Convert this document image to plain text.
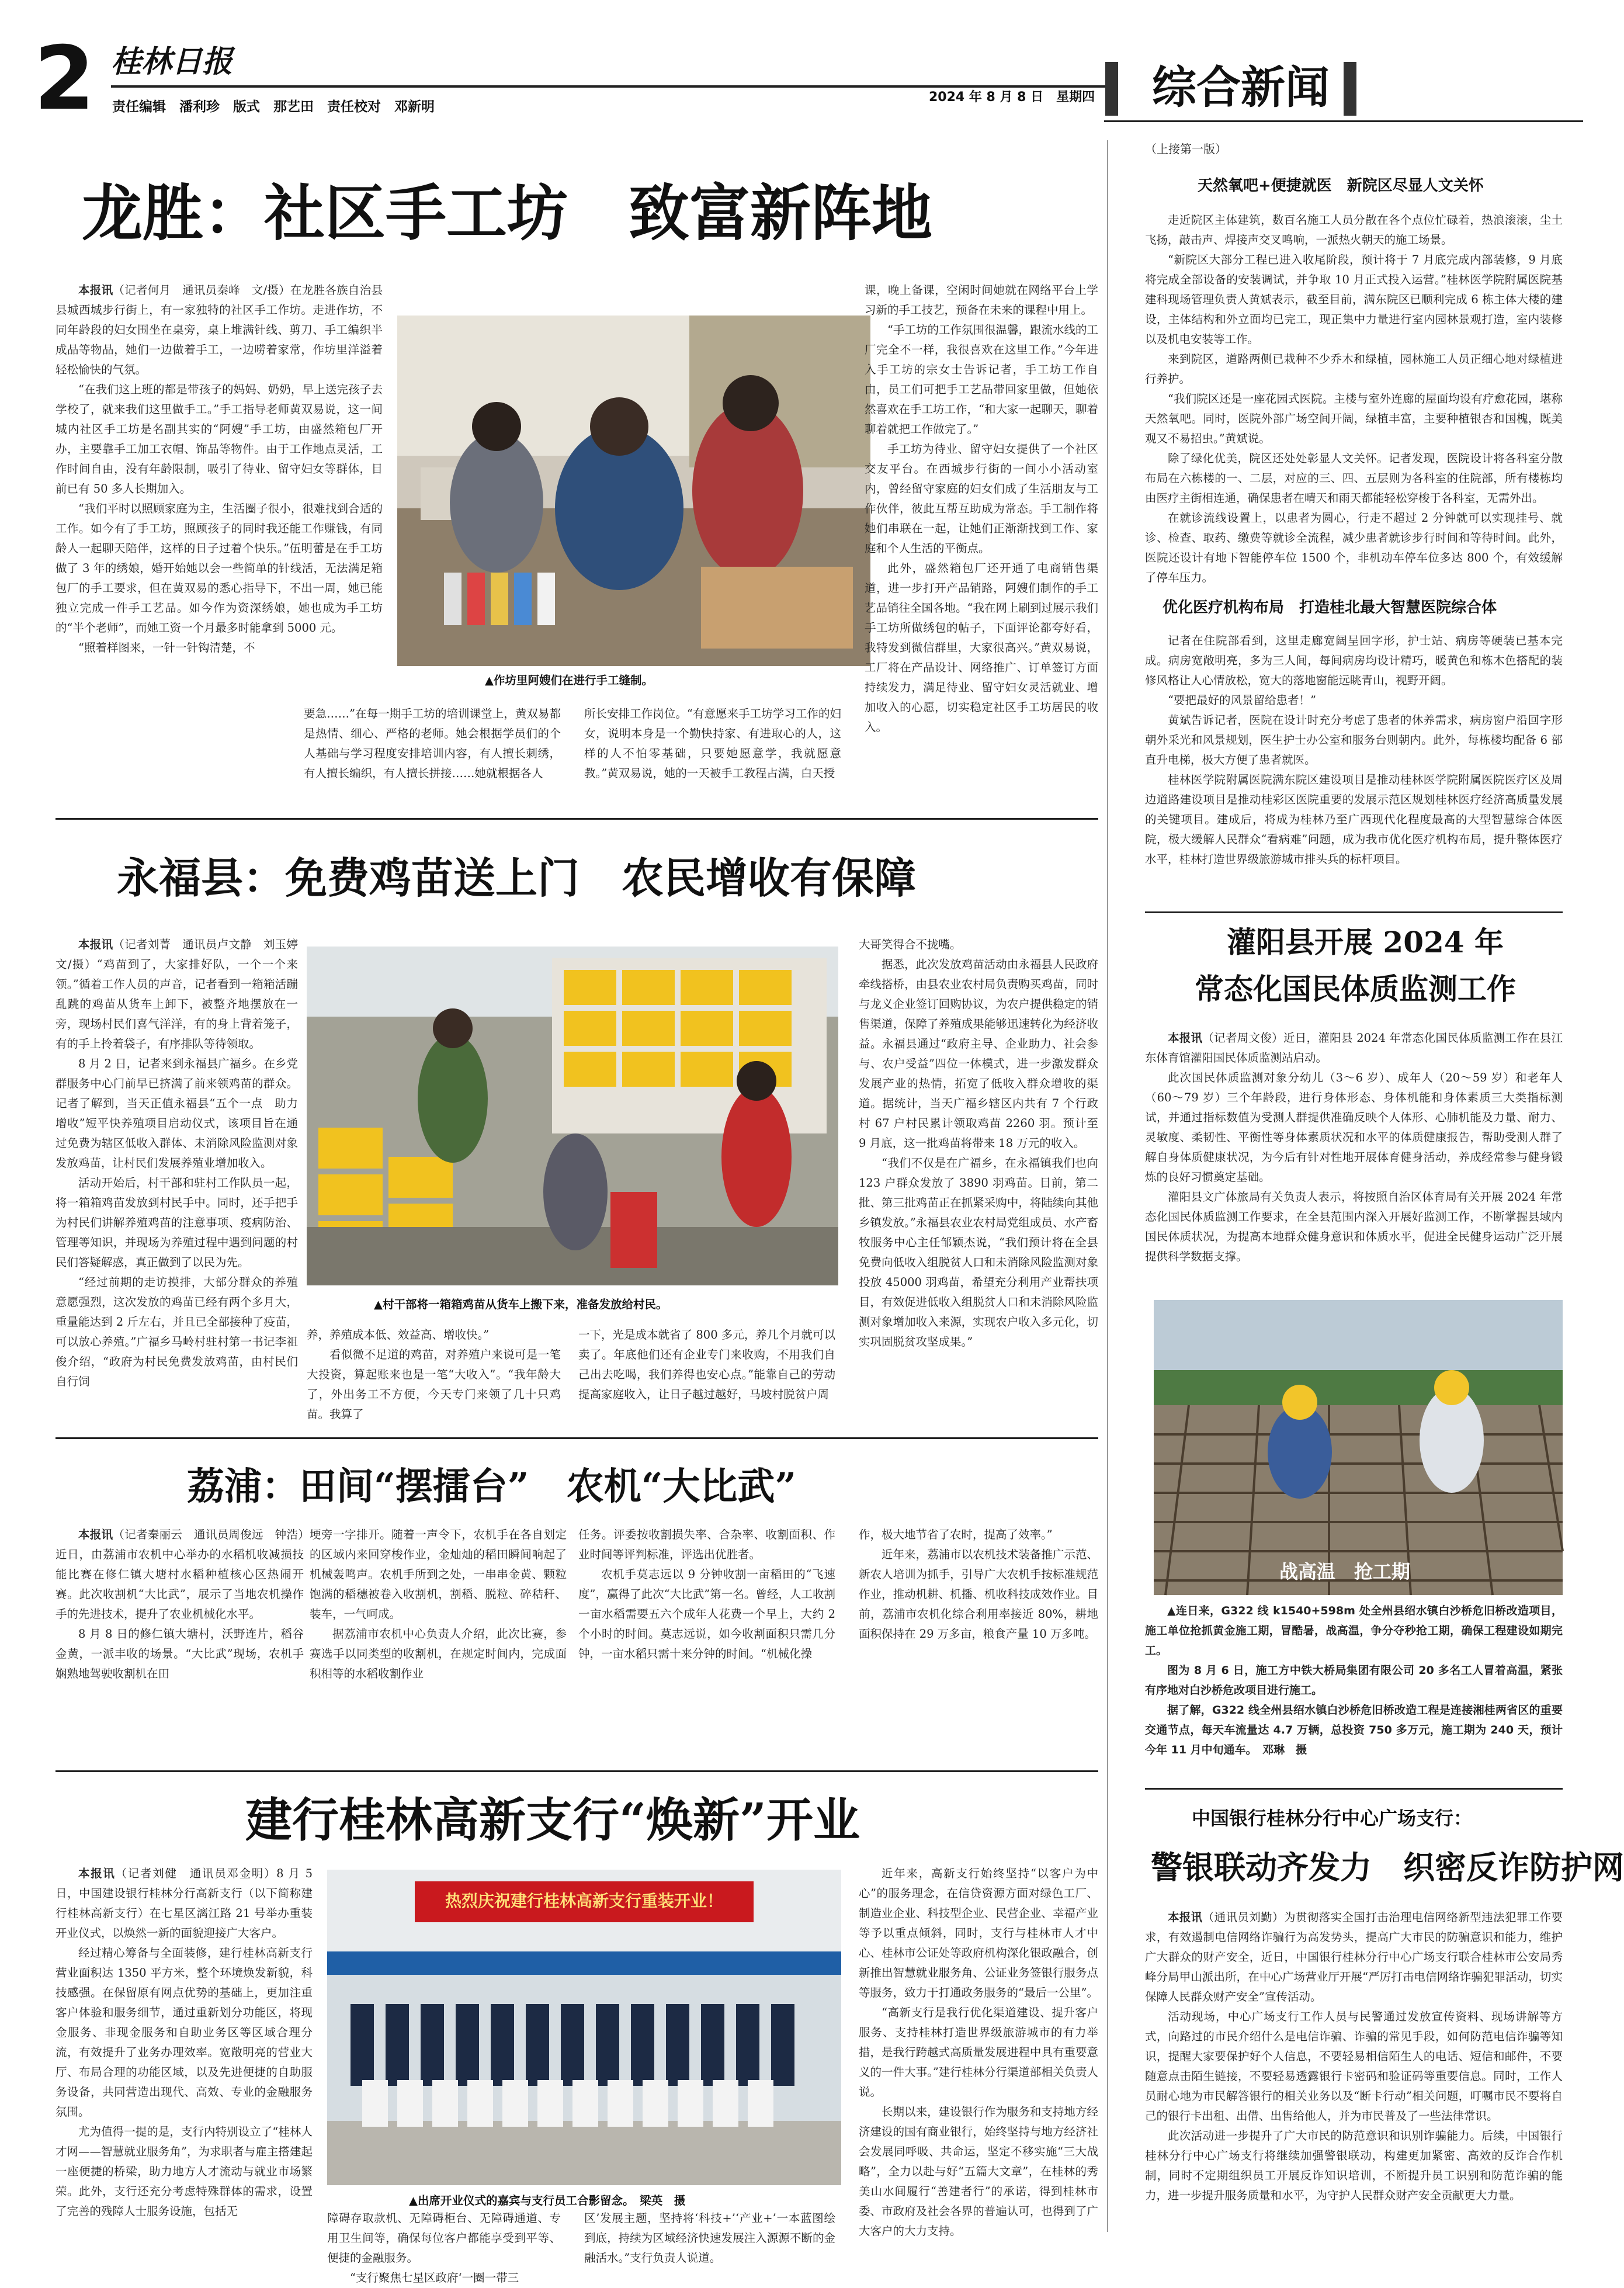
2 桂林日报
责任编辑　潘利珍　版式　那艺田　责任校对　邓新明
2024 年 8 月 8 日　星期四 综合新闻
龙胜：社区手工坊　致富新阵地
▲作坊里阿嫂们在进行手工缝制。

本报讯（记者何月　通讯员秦峰　文/摄）在龙胜各族自治县县城西城步行街上，有一家独特的社区手工作坊。走进作坊，不同年龄段的妇女围坐在桌旁，桌上堆满针线、剪刀、手工编织半成品等物品，她们一边做着手工，一边唠着家常，作坊里洋溢着轻松愉快的气氛。

“在我们这上班的都是带孩子的妈妈、奶奶，早上送完孩子去学校了，就来我们这里做手工。”手工指导老师黄双易说，这一间城内社区手工坊是名副其实的“阿嫂”手工坊，由盛然箱包厂开办，主要靠手工加工衣帽、饰品等物件。由于工作地点灵活，工作时间自由，没有年龄限制，吸引了待业、留守妇女等群体，目前已有 50 多人长期加入。

“我们平时以照顾家庭为主，生活圈子很小，很难找到合适的工作。如今有了手工坊，照顾孩子的同时我还能工作赚钱，有同龄人一起聊天陪伴，这样的日子过着个快乐。”伍明蕾是在手工坊做了 3 年的绣娘，婚开始她以会一些简单的针线活，无法满足箱包厂的手工要求，但在黄双易的悉心指导下，不出一周，她已能独立完成一件手工艺品。如今作为资深绣娘，她也成为手工坊的“半个老师”，而她工资一个月最多时能拿到 5000 元。

“照着样图来，一针一针钩清楚，不

要急……”在每一期手工坊的培训课堂上，黄双易都是热情、细心、严格的老师。她会根据学员们的个人基础与学习程度安排培训内容，有人擅长刺绣，有人擅长编织，有人擅长拼接……她就根据各人

所长安排工作岗位。“有意愿来手工坊学习工作的妇女，说明本身是一个勤快持家、有进取心的人，这样的人不怕零基础，只要她愿意学，我就愿意教。”黄双易说，她的一天被手工教程占满，白天授

课，晚上备课，空闲时间她就在网络平台上学习新的手工技艺，预备在未来的课程中用上。

“手工坊的工作氛围很温馨，跟流水线的工厂完全不一样，我很喜欢在这里工作。”今年进入手工坊的宗女士告诉记者，手工坊工作自由，员工们可把手工艺品带回家里做，但她依然喜欢在手工坊工作，“和大家一起聊天，聊着聊着就把工作做完了。”

手工坊为待业、留守妇女提供了一个社区交友平台。在西城步行街的一间小小活动室内，曾经留守家庭的妇女们成了生活朋友与工作伙伴，彼此互帮互助成为常态。手工制作将她们串联在一起，让她们正渐渐找到工作、家庭和个人生活的平衡点。

此外，盛然箱包厂还开通了电商销售渠道，进一步打开产品销路，阿嫂们制作的手工艺品销往全国各地。“我在网上刷到过展示我们手工坊所做绣包的帖子，下面评论都夸好看，我特发到微信群里，大家很高兴。”黄双易说，工厂将在产品设计、网络推广、订单签订方面持续发力，满足待业、留守妇女灵活就业、增加收入的心愿，切实稳定社区手工坊居民的收入。

永福县：免费鸡苗送上门　农民增收有保障
▲村干部将一箱箱鸡苗从货车上搬下来，准备发放给村民。

本报讯（记者刘菁　通讯员卢文静　刘玉婷　文/摄）“鸡苗到了，大家排好队，一个一个来领。”循着工作人员的声音，记者看到一箱箱活蹦乱跳的鸡苗从货车上卸下，被整齐地摆放在一旁，现场村民们喜气洋洋，有的身上背着笼子，有的手上拎着袋子，有序排队等待领取。

8 月 2 日，记者来到永福县广福乡。在乡党群服务中心门前早已挤满了前来领鸡苗的群众。记者了解到，当天正值永福县“五个一点　助力增收”短平快养殖项目启动仪式，该项目旨在通过免费为辖区低收入群体、未消除风险监测对象发放鸡苗，让村民们发展养殖业增加收入。

活动开始后，村干部和驻村工作队员一起，将一箱箱鸡苗发放到村民手中。同时，还手把手为村民们讲解养殖鸡苗的注意事项、疫病防治、管理等知识，并现场为养殖过程中遇到问题的村民们答疑解惑，真正做到了以民为先。

“经过前期的走访摸排，大部分群众的养殖意愿强烈，这次发放的鸡苗已经有两个多月大，重量能达到 2 斤左右，并且已全部接种了疫苗，可以放心养殖。”广福乡马岭村驻村第一书记李祖俊介绍，“政府为村民免费发放鸡苗，由村民们自行饲

养，养殖成本低、效益高、增收快。”

看似微不足道的鸡苗，对养殖户来说可是一笔大投资，算起账来也是一笔“大收入”。“我年龄大了，外出务工不方便，今天专门来领了几十只鸡苗。我算了

一下，光是成本就省了 800 多元，养几个月就可以卖了。年底他们还有企业专门来收购，不用我们自己出去吃喝，我们养得也安心点。”能靠自己的劳动提高家庭收入，让日子越过越好，马坡村脱贫户周

大哥笑得合不拢嘴。

据悉，此次发放鸡苗活动由永福县人民政府牵线搭桥，由县农业农村局负责购买鸡苗，同时与龙义企业签订回购协议，为农户提供稳定的销售渠道，保障了养殖成果能够迅速转化为经济收益。永福县通过“政府主导、企业助力、社会参与、农户受益”四位一体模式，进一步激发群众发展产业的热情，拓宽了低收入群众增收的渠道。据统计，当天广福乡辖区内共有 7 个行政村 67 户村民累计领取鸡苗 2260 羽。预计至 9 月底，这一批鸡苗将带来 18 万元的收入。

“我们不仅是在广福乡，在永福镇我们也向 123 户群众发放了 3890 羽鸡苗。目前，第二批、第三批鸡苗正在抓紧采购中，将陆续向其他乡镇发放。”永福县农业农村局党组成员、水产畜牧服务中心主任邹颖杰说，“我们预计将在全县免费向低收入组脱贫人口和未消除风险监测对象投放 45000 羽鸡苗，希望充分利用产业帮扶项目，有效促进低收入组脱贫人口和未消除风险监测对象增加收入来源，实现农户收入多元化，切实巩固脱贫攻坚成果。”

荔浦：田间“摆擂台”　农机“大比武”

本报讯（记者秦丽云　通讯员周俊远　钟浩）近日，由荔浦市农机中心举办的水稻机收减损技能比赛在修仁镇大塘村水稻种植核心区热闹开赛。此次收割机“大比武”，展示了当地农机操作手的先进技术，提升了农业机械化水平。

8 月 8 日的修仁镇大塘村，沃野连片，稻谷金黄，一派丰收的场景。“大比武”现场，农机手娴熟地驾驶收割机在田

埂旁一字排开。随着一声令下，农机手在各自划定的区域内来回穿梭作业，金灿灿的稻田瞬间响起了机械轰鸣声。农机手所到之处，一串串金黄、颗粒饱满的稻穗被卷入收割机，割稻、脱粒、碎秸秆、装车，一气呵成。

据荔浦市农机中心负责人介绍，此次比赛，参赛选手以同类型的收割机，在规定时间内，完成面积相等的水稻收割作业

任务。评委按收割损失率、合杂率、收割面积、作业时间等评判标准，评选出优胜者。

农机手莫志远以 9 分钟收割一亩稻田的“飞速度”，赢得了此次“大比武”第一名。曾经，人工收割一亩水稻需要五六个成年人花费一个早上，大约 2 个小时的时间。莫志远说，如今收割面积只需几分钟，一亩水稻只需十来分钟的时间。“机械化操

作，极大地节省了农时，提高了效率。”

近年来，荔浦市以农机技术装备推广示范、新农人培训为抓手，引导广大农机手按标准规范作业，推动机耕、机播、机收科技成效作业。目前，荔浦市农机化综合利用率接近 80%，耕地面积保持在 29 万多亩，粮食产量 10 万多吨。

建行桂林高新支行“焕新”开业
热烈庆祝建行桂林高新支行重装开业！
▲出席开业仪式的嘉宾与支行员工合影留念。　梁英　摄

本报讯（记者刘健　通讯员邓金明）8 月 5 日，中国建设银行桂林分行高新支行（以下简称建行桂林高新支行）在七星区漓江路 21 号举办重装开业仪式，以焕然一新的面貌迎接广大客户。

经过精心筹备与全面装修，建行桂林高新支行营业面积达 1350 平方米，整个环境焕发新貌，科技感强。在保留原有网点优势的基础上，更加注重客户体验和服务细节，通过重新划分功能区，将现金服务、非现金服务和自助业务区等区域合理分流，有效提升了业务办理效率。宽敞明亮的营业大厅、布局合理的功能区域，以及先进便捷的自助服务设备，共同营造出现代、高效、专业的金融服务氛围。

尤为值得一提的是，支行内特别设立了“桂林人才网——智慧就业服务角”，为求职者与雇主搭建起一座便捷的桥梁，助力地方人才流动与就业市场繁荣。此外，支行还充分考虑特殊群体的需求，设置了完善的残障人士服务设施，包括无

障碍存取款机、无障碍柜台、无障碍通道、专用卫生间等，确保每位客户都能享受到平等、便捷的金融服务。

“支行聚焦七星区政府‘一圈一带三

区’发展主题，坚持将‘科技+’‘产业+’一本蓝图绘到底，持续为区域经济快速发展注入源源不断的金融活水。”支行负责人说道。

近年来，高新支行始终坚持“以客户为中心”的服务理念，在信贷资源方面对绿色工厂、制造业企业、科技型企业、民营企业、幸福产业等予以重点倾斜，同时，支行与桂林市人才中心、桂林市公证处等政府机构深化银政融合，创新推出智慧就业服务角、公证业务签银行服务点等服务，致力于打通政务服务的“最后一公里”。

“高新支行是我行优化渠道建设、提升客户服务、支持桂林打造世界级旅游城市的有力举措，是我行跨越式高质量发展进程中具有重要意义的一件大事。”建行桂林分行渠道部相关负责人说。

长期以来，建设银行作为服务和支持地方经济建设的国有商业银行，始终坚持与地方经济社会发展同呼吸、共命运，坚定不移实施“三大战略”，全力以赴与好“五篇大文章”，在桂林的秀美山水间履行“善建者行”的承诺，得到桂林市委、市政府及社会各界的普遍认可，也得到了广大客户的大力支持。

（上接第一版）
天然氧吧+便捷就医　新院区尽显人文关怀

走近院区主体建筑，数百名施工人员分散在各个点位忙碌着，热浪滚滚，尘土飞扬，敲击声、焊接声交叉鸣响，一派热火朝天的施工场景。

“新院区大部分工程已进入收尾阶段，预计将于 7 月底完成内部装修，9 月底将完成全部设备的安装调试，并争取 10 月正式投入运营。”桂林医学院附属医院基建科现场管理负责人黄斌表示，截至目前，满东院区已顺利完成 6 栋主体大楼的建设，主体结构和外立面均已完工，现正集中力量进行室内园林景观打造，室内装修以及机电安装等工作。

来到院区，道路两侧已栽种不少乔木和绿植，园林施工人员正细心地对绿植进行养护。

“我们院区还是一座花园式医院。主楼与室外连廊的屋面均设有疗愈花园，堪称天然氧吧。同时，医院外部广场空间开阔，绿植丰富，主要种植银杏和国槐，既美观又不易招虫。”黄斌说。

除了绿化优美，院区还处处彰显人文关怀。记者发现，医院设计将各科室分散布局在六栋楼的一、二层，对应的三、四、五层则为各科室的住院部，所有楼栋均由医疗主街相连通，确保患者在晴天和雨天都能轻松穿梭于各科室，无需外出。

在就诊流线设置上，以患者为圆心，行走不超过 2 分钟就可以实现挂号、就诊、检查、取药、缴费等就诊全流程，减少患者就诊步行时间和等待时间。此外，医院还设计有地下智能停车位 1500 个，非机动车停车位多达 800 个，有效缓解了停车压力。

优化医疗机构布局　打造桂北最大智慧医院综合体

记者在住院部看到，这里走廊宽阔呈回字形，护士站、病房等硬装已基本完成。病房宽敞明亮，多为三人间，每间病房均设计精巧，暖黄色和栋木色搭配的装修风格让人心情放松，宽大的落地窗能远眺青山，视野开阔。

“要把最好的风景留给患者！”

黄斌告诉记者，医院在设计时充分考虑了患者的休养需求，病房窗户沿回字形朝外采光和风景规划，医生护士办公室和服务台则朝内。此外，每栋楼均配备 6 部直升电梯，极大方便了患者就医。

桂林医学院附属医院满东院区建设项目是推动桂林医学院附属医院医疗区及周边道路建设项目是推动桂彩区医院重要的发展示范区规划桂林医疗经济高质量发展的关键项目。建成后，将成为桂林乃至广西现代化程度最高的大型智慧综合体医院，极大缓解人民群众“看病难”问题，成为我市优化医疗机构布局，提升整体医疗水平，桂林打造世界级旅游城市排头兵的标杆项目。

灌阳县开展 2024 年
常态化国民体质监测工作

本报讯（记者周文俊）近日，灌阳县 2024 年常态化国民体质监测工作在县江东体育馆灌阳国民体质监测站启动。

此次国民体质监测对象分幼儿（3～6 岁）、成年人（20～59 岁）和老年人（60～79 岁）三个年龄段，进行身体形态、身体机能和身体素质三大类指标测试，并通过指标数值为受测人群提供准确反映个人体形、心肺机能及力量、耐力、灵敏度、柔韧性、平衡性等身体素质状况和水平的体质健康报告，帮助受测人群了解自身体质健康状况，为今后有针对性地开展体育健身活动，养成经常参与健身锻炼的良好习惯奠定基础。

灌阳县文广体旅局有关负责人表示，将按照自治区体育局有关开展 2024 年常态化国民体质监测工作要求，在全县范围内深入开展好监测工作，不断掌握县域内国民体质状况，为提高本地群众健身意识和体质水平，促进全民健身运动广泛开展提供科学数据支撑。

战高温　抢工期

▲连日来，G322 线 k1540+598m 处全州县绍水镇白沙桥危旧桥改造项目，施工单位抢抓黄金施工期，冒酷暑，战高温，争分夺秒抢工期，确保工程建设如期完工。

图为 8 月 6 日，施工方中铁大桥局集团有限公司 20 多名工人冒着高温，紧张有序地对白沙桥危改项目进行施工。

据了解，G322 线全州县绍水镇白沙桥危旧桥改造工程是连接湘桂两省区的重要交通节点，每天车流量达 4.7 万辆，总投资 750 多万元，施工期为 240 天，预计今年 11 月中旬通车。　邓琳　摄

中国银行桂林分行中心广场支行：
警银联动齐发力　织密反诈防护网

本报讯（通讯员刘勤）为贯彻落实全国打击治理电信网络新型违法犯罪工作要求，有效遏制电信网络诈骗行为高发势头，提高广大市民的防骗意识和能力，维护广大群众的财产安全，近日，中国银行桂林分行中心广场支行联合桂林市公安局秀峰分局甲山派出所，在中心广场营业厅开展“严厉打击电信网络诈骗犯罪活动，切实保障人民群众财产安全”宣传活动。

活动现场，中心广场支行工作人员与民警通过发放宣传资料、现场讲解等方式，向路过的市民介绍什么是电信诈骗、诈骗的常见手段，如何防范电信诈骗等知识，提醒大家要保护好个人信息，不要轻易相信陌生人的电话、短信和邮件，不要随意点击陌生链接，不要轻易透露银行卡密码和验证码等重要信息。同时，工作人员耐心地为市民解答银行的相关业务以及“断卡行动”相关问题，叮嘱市民不要将自己的银行卡出租、出借、出售给他人，并为市民普及了一些法律常识。

此次活动进一步提升了广大市民的防范意识和识别诈骗能力。后续，中国银行桂林分行中心广场支行将继续加强警银联动，构建更加紧密、高效的反诈合作机制，同时不定期组织员工开展反诈知识培训，不断提升员工识别和防范诈骗的能力，进一步提升服务质量和水平，为守护人民群众财产安全贡献更大力量。
